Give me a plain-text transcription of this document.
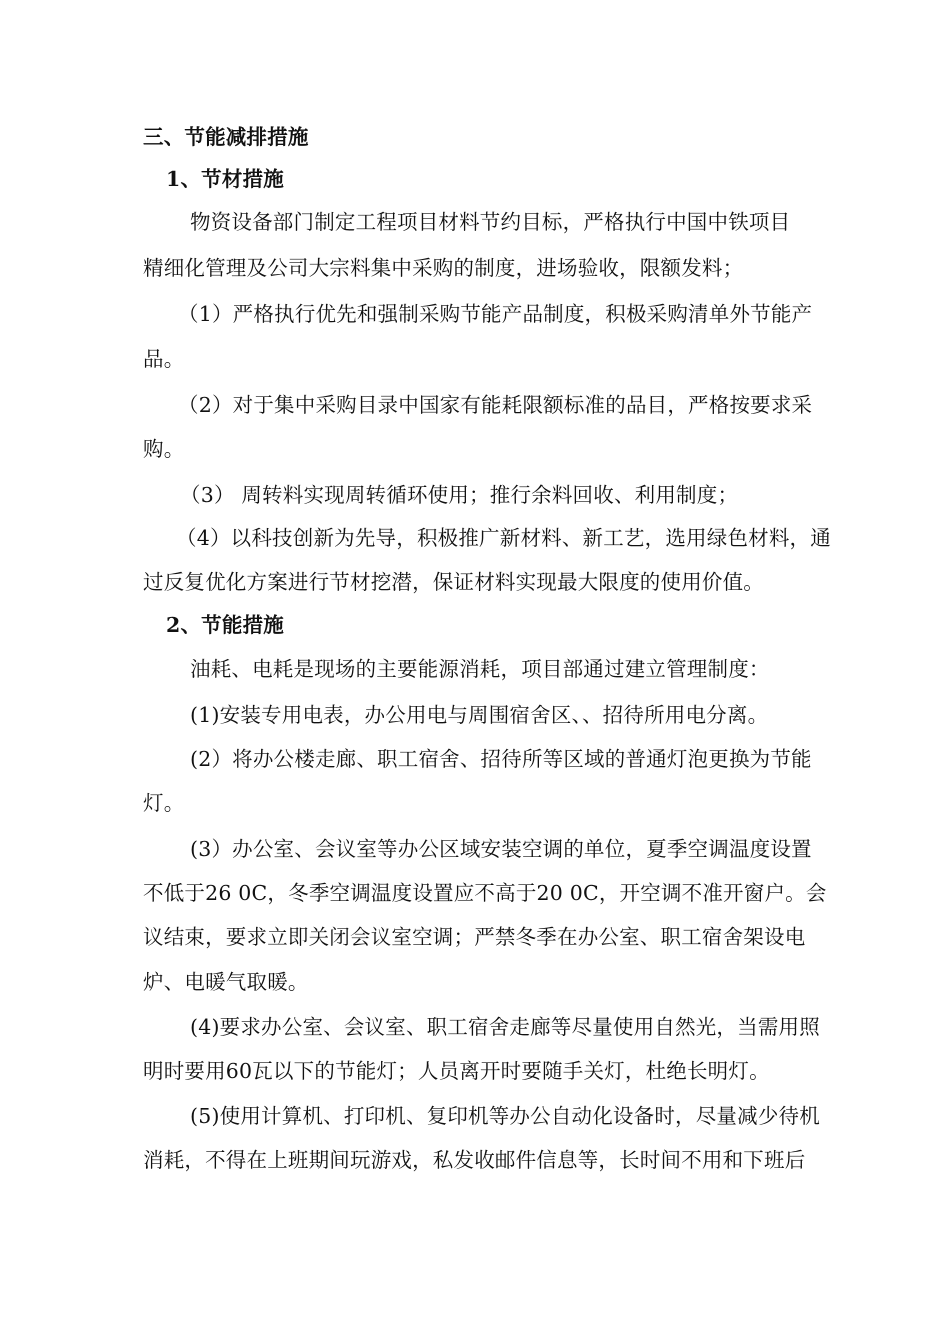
三、节能减排措施
1、节材措施
物资设备部门制定工程项目材料节约目标，严格执行中国中铁项目
精细化管理及公司大宗料集中采购的制度，进场验收，限额发料；
（1）严格执行优先和强制采购节能产品制度，积极采购清单外节能产
品。
（2）对于集中采购目录中国家有能耗限额标准的品目，严格按要求采
购。
（3） 周转料实现周转循环使用；推行余料回收、利用制度；
（4）以科技创新为先导，积极推广新材料、新工艺，选用绿色材料，通
过反复优化方案进行节材挖潜，保证材料实现最大限度的使用价值。
2、节能措施
油耗、电耗是现场的主要能源消耗，项目部通过建立管理制度：
(1)安装专用电表，办公用电与周围宿舍区、、招待所用电分离。
(2）将办公楼走廊、职工宿舍、招待所等区域的普通灯泡更换为节能
灯。
(3）办公室、会议室等办公区域安装空调的单位，夏季空调温度设置
不低于26 0C，冬季空调温度设置应不高于20 0C，开空调不准开窗户。会
议结束，要求立即关闭会议室空调；严禁冬季在办公室、职工宿舍架设电
炉、电暖气取暖。
(4)要求办公室、会议室、职工宿舍走廊等尽量使用自然光，当需用照
明时要用60瓦以下的节能灯；人员离开时要随手关灯，杜绝长明灯。
(5)使用计算机、打印机、复印机等办公自动化设备时，尽量减少待机
消耗，不得在上班期间玩游戏，私发收邮件信息等，长时间不用和下班后
